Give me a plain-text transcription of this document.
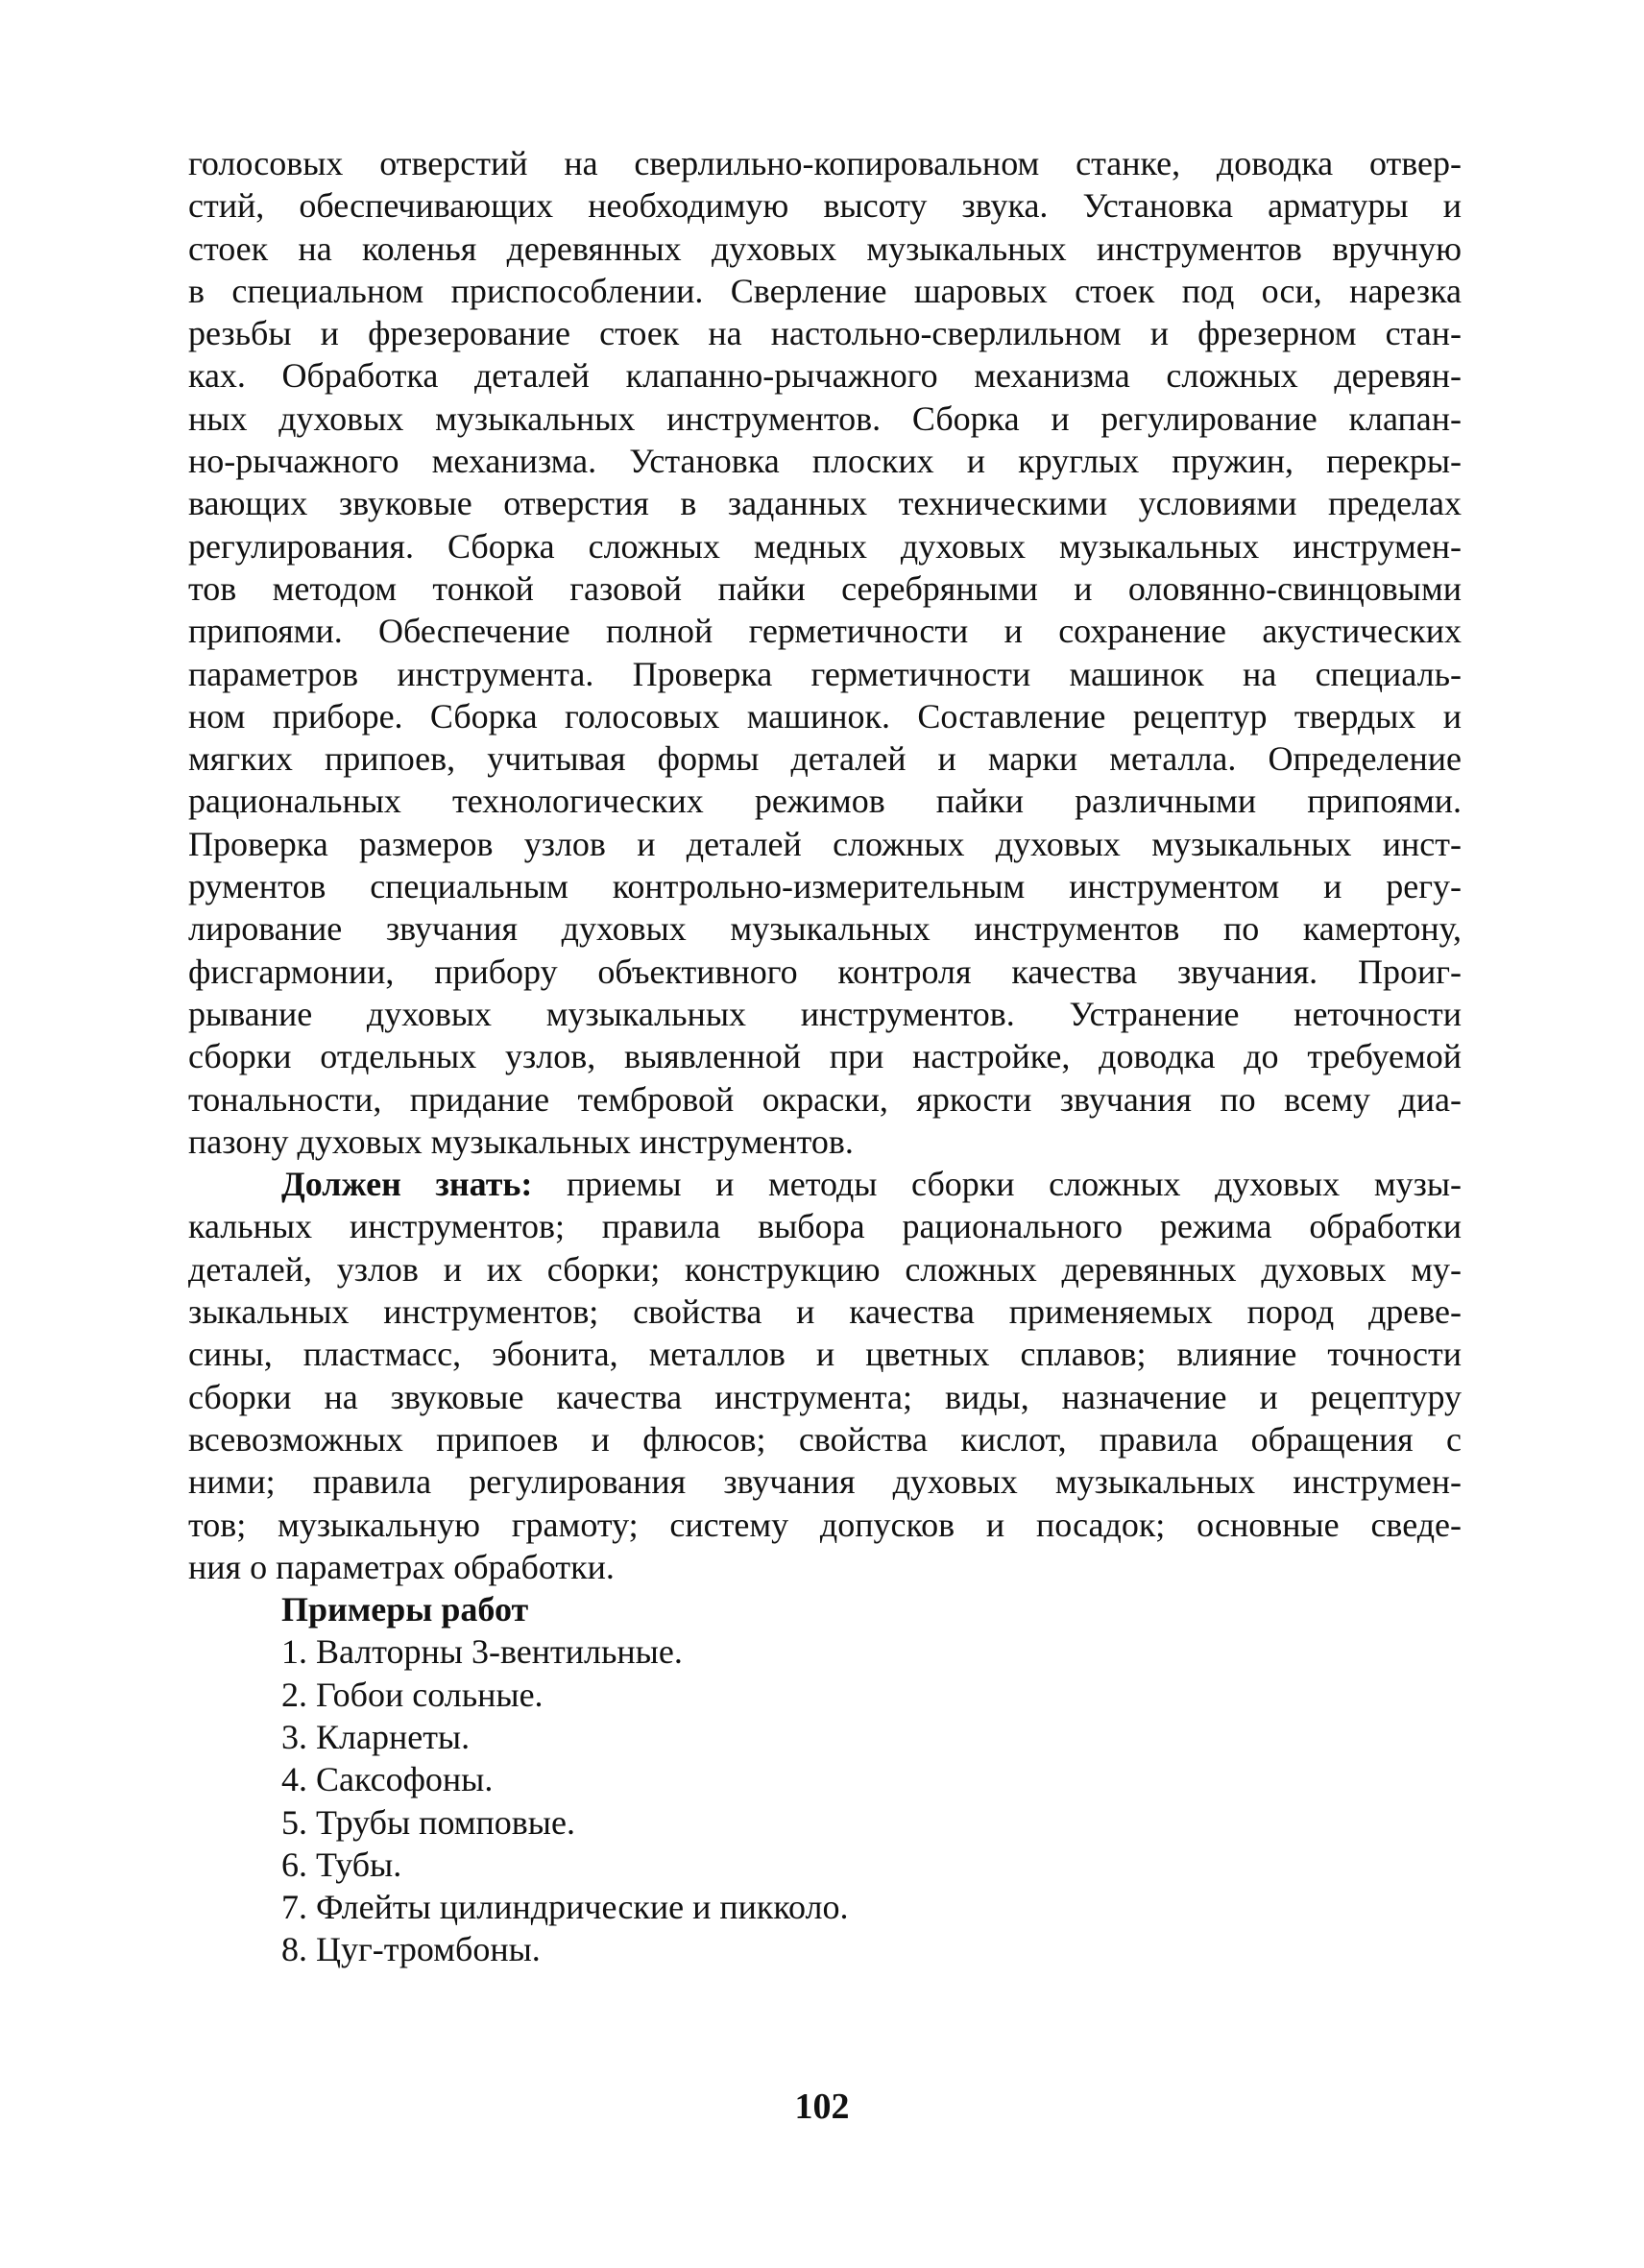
голосовых отверстий на сверлильно-копировальном станке, доводка отвер-
стий, обеспечивающих необходимую высоту звука. Установка арматуры и
стоек на коленья деревянных духовых музыкальных инструментов вручную
в специальном приспособлении. Сверление шаровых стоек под оси, нарезка
резьбы и фрезерование стоек на настольно-сверлильном и фрезерном стан-
ках. Обработка деталей клапанно-рычажного механизма сложных деревян-
ных духовых музыкальных инструментов. Сборка и регулирование клапан-
но-рычажного механизма. Установка плоских и круглых пружин, перекры-
вающих звуковые отверстия в заданных техническими условиями пределах
регулирования. Сборка сложных медных духовых музыкальных инструмен-
тов методом тонкой газовой пайки серебряными и оловянно-свинцовыми
припоями. Обеспечение полной герметичности и сохранение акустических
параметров инструмента. Проверка герметичности машинок на специаль-
ном приборе. Сборка голосовых машинок. Составление рецептур твердых и
мягких припоев, учитывая формы деталей и марки металла. Определение
рациональных технологических режимов пайки различными припоями.
Проверка размеров узлов и деталей сложных духовых музыкальных инст-
рументов специальным контрольно-измерительным инструментом и регу-
лирование звучания духовых музыкальных инструментов по камертону,
фисгармонии, прибору объективного контроля качества звучания. Проиг-
рывание духовых музыкальных инструментов. Устранение неточности
сборки отдельных узлов, выявленной при настройке, доводка до требуемой
тональности, придание тембровой окраски, яркости звучания по всему диа-
пазону духовых музыкальных инструментов.
Должен знать: приемы и методы сборки сложных духовых музы-
кальных инструментов; правила выбора рационального режима обработки
деталей, узлов и их сборки; конструкцию сложных деревянных духовых му-
зыкальных инструментов; свойства и качества применяемых пород древе-
сины, пластмасс, эбонита, металлов и цветных сплавов; влияние точности
сборки на звуковые качества инструмента; виды, назначение и рецептуру
всевозможных припоев и флюсов; свойства кислот, правила обращения с
ними; правила регулирования звучания духовых музыкальных инструмен-
тов; музыкальную грамоту; систему допусков и посадок; основные сведе-
ния о параметрах обработки.
Примеры работ
1. Валторны 3-вентильные.
2. Гобои сольные.
3. Кларнеты.
4. Саксофоны.
5. Трубы помповые.
6. Тубы.
7. Флейты цилиндрические и пикколо.
8. Цуг-тромбоны.
102
